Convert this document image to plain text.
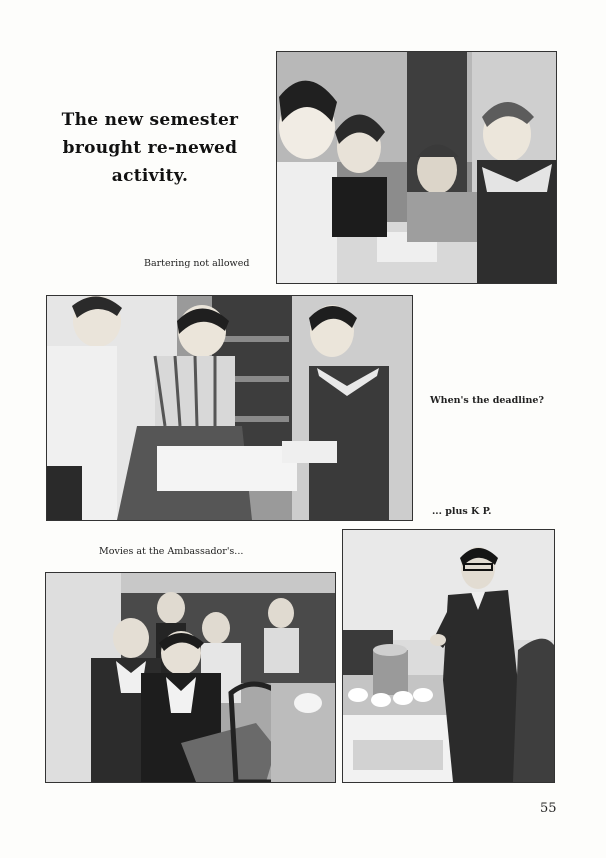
The new semester
brought re-newed
activity.
Bartering not allowed
When's the deadline?
... plus K P.
Movies at the Ambassador's...
55
